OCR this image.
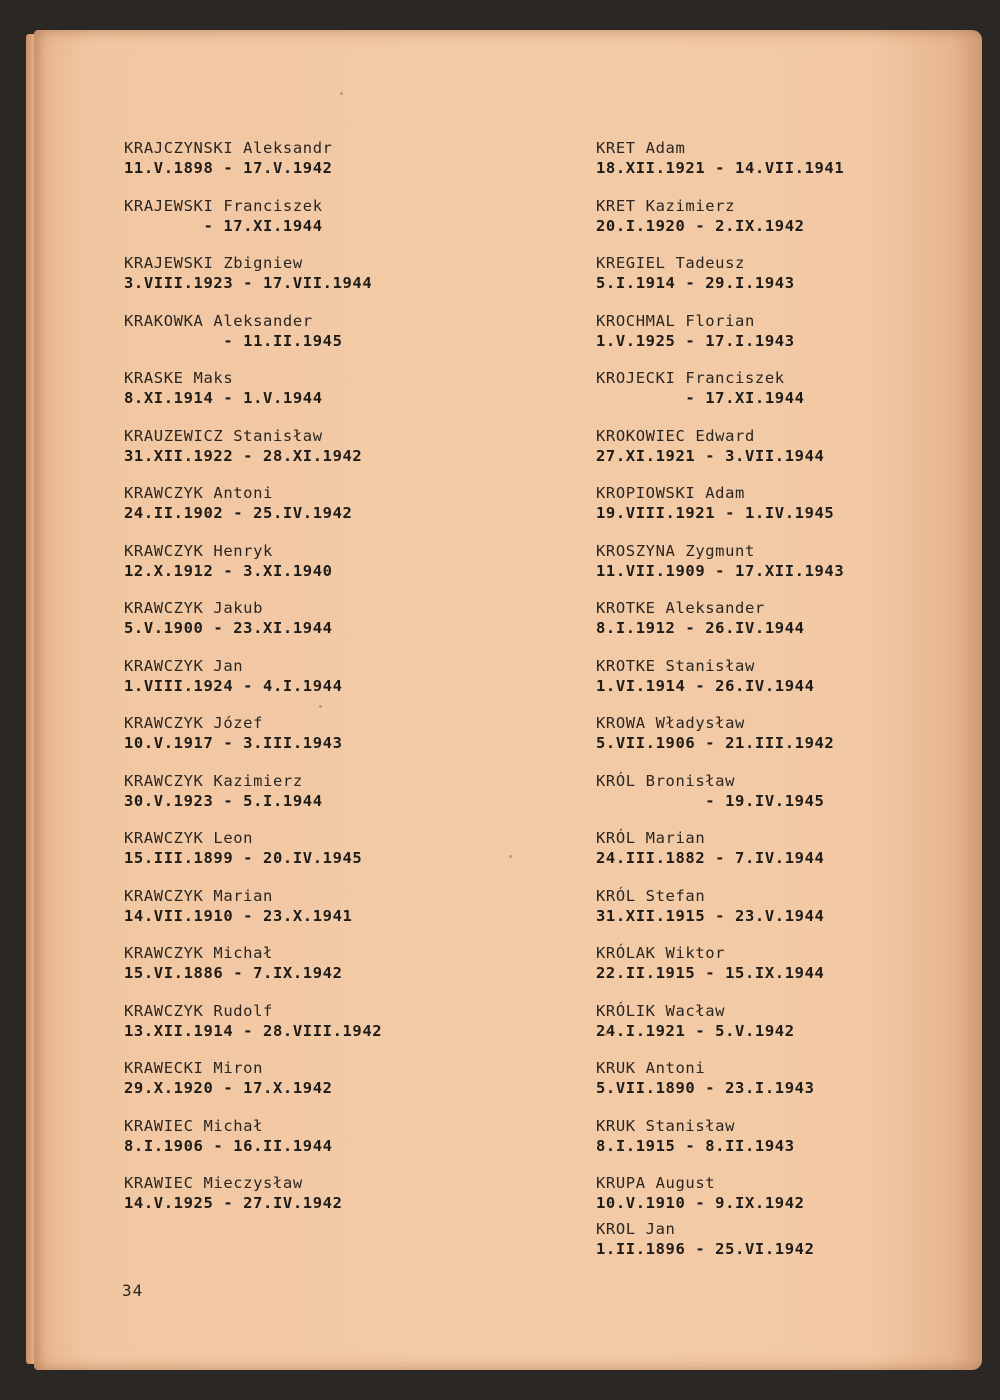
KRAJCZYNSKI Aleksandr
11.V.1898 - 17.V.1942
KRAJEWSKI Franciszek
- 17.XI.1944
KRAJEWSKI Zbigniew
3.VIII.1923 - 17.VII.1944
KRAKOWKA Aleksander
- 11.II.1945
KRASKE Maks
8.XI.1914 - 1.V.1944
KRAUZEWICZ Stanisław
31.XII.1922 - 28.XI.1942
KRAWCZYK Antoni
24.II.1902 - 25.IV.1942
KRAWCZYK Henryk
12.X.1912 - 3.XI.1940
KRAWCZYK Jakub
5.V.1900 - 23.XI.1944
KRAWCZYK Jan
1.VIII.1924 - 4.I.1944
KRAWCZYK Józef
10.V.1917 - 3.III.1943
KRAWCZYK Kazimierz
30.V.1923 - 5.I.1944
KRAWCZYK Leon
15.III.1899 - 20.IV.1945
KRAWCZYK Marian
14.VII.1910 - 23.X.1941
KRAWCZYK Michał
15.VI.1886 - 7.IX.1942
KRAWCZYK Rudolf
13.XII.1914 - 28.VIII.1942
KRAWECKI Miron
29.X.1920 - 17.X.1942
KRAWIEC Michał
8.I.1906 - 16.II.1944
KRAWIEC Mieczysław
14.V.1925 - 27.IV.1942
KRET Adam
18.XII.1921 - 14.VII.1941
KRET Kazimierz
20.I.1920 - 2.IX.1942
KREGIEL Tadeusz
5.I.1914 - 29.I.1943
KROCHMAL Florian
1.V.1925 - 17.I.1943
KROJECKI Franciszek
- 17.XI.1944
KROKOWIEC Edward
27.XI.1921 - 3.VII.1944
KROPIOWSKI Adam
19.VIII.1921 - 1.IV.1945
KROSZYNA Zygmunt
11.VII.1909 - 17.XII.1943
KROTKE Aleksander
8.I.1912 - 26.IV.1944
KROTKE Stanisław
1.VI.1914 - 26.IV.1944
KROWA Władysław
5.VII.1906 - 21.III.1942
KRÓL Bronisław
- 19.IV.1945
KRÓL Marian
24.III.1882 - 7.IV.1944
KRÓL Stefan
31.XII.1915 - 23.V.1944
KRÓLAK Wiktor
22.II.1915 - 15.IX.1944
KRÓLIK Wacław
24.I.1921 - 5.V.1942
KRUK Antoni
5.VII.1890 - 23.I.1943
KRUK Stanisław
8.I.1915 - 8.II.1943
KRUPA August
10.V.1910 - 9.IX.1942
KROL Jan
1.II.1896 - 25.VI.1942
34
